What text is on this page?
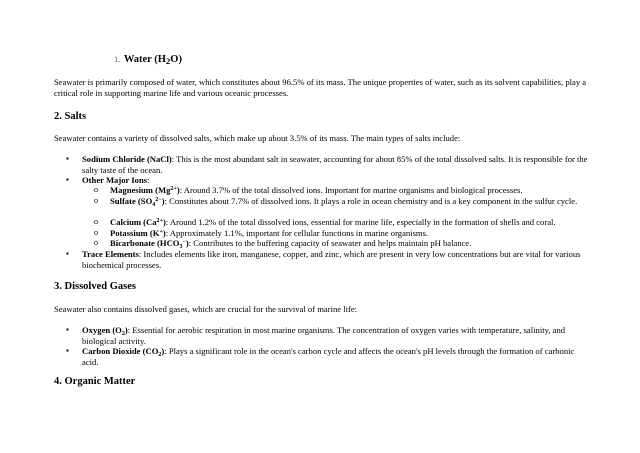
1. Water $(H_2O)$
Seawater is primarily composed of water, which constitutes about 96.5% of its mass. The unique properties of water, such as its solvent capabilities, play a critical role in supporting marine life and various oceanic processes.
2. Salts
Seawater contains a variety of dissolved salts, which make up about 3.5% of its mass. The main types of salts include:
▪ Sodium Chloride (NaCl): This is the most abundant salt in seawater, accounting for about 85% of the total dissolved salts. It is responsible for the salty taste of the ocean.
▪ Other Major Ions:
o Magnesium $(Mg^{2+})$: Around 3.7% of the total dissolved ions. Important for marine organisms and biological processes.
o Sulfate $(SO_4^{2-})$: Constitutes about 7.7% of dissolved ions. It plays a role in ocean chemistry and is a key component in the sulfur cycle.
o Calcium $(Ca^{2+})$: Around 1.2% of the total dissolved ions, essential for marine life, especially in the formation of shells and coral.
o Potassium (K+): Approximately 1.1%, important for cellular functions in marine organisms.
o Bicarbonate $(HCO_3^-)$: Contributes to the buffering capacity of seawater and helps maintain pH balance.
▪ Trace Elements: Includes elements like iron, manganese, copper, and zinc, which are present in very low concentrations but are vital for various biochemical processes.
3. Dissolved Gases
Seawater also contains dissolved gases, which are crucial for the survival of marine life:
▪ Oxygen $(O_2)$: Essential for aerobic respiration in most marine organisms. The concentration of oxygen varies with temperature, salinity, and biological activity.
▪ Carbon Dioxide $(CO_2)$: Plays a significant role in the ocean's carbon cycle and affects the ocean's pH levels through the formation of carbonic acid.
4. Organic Matter
